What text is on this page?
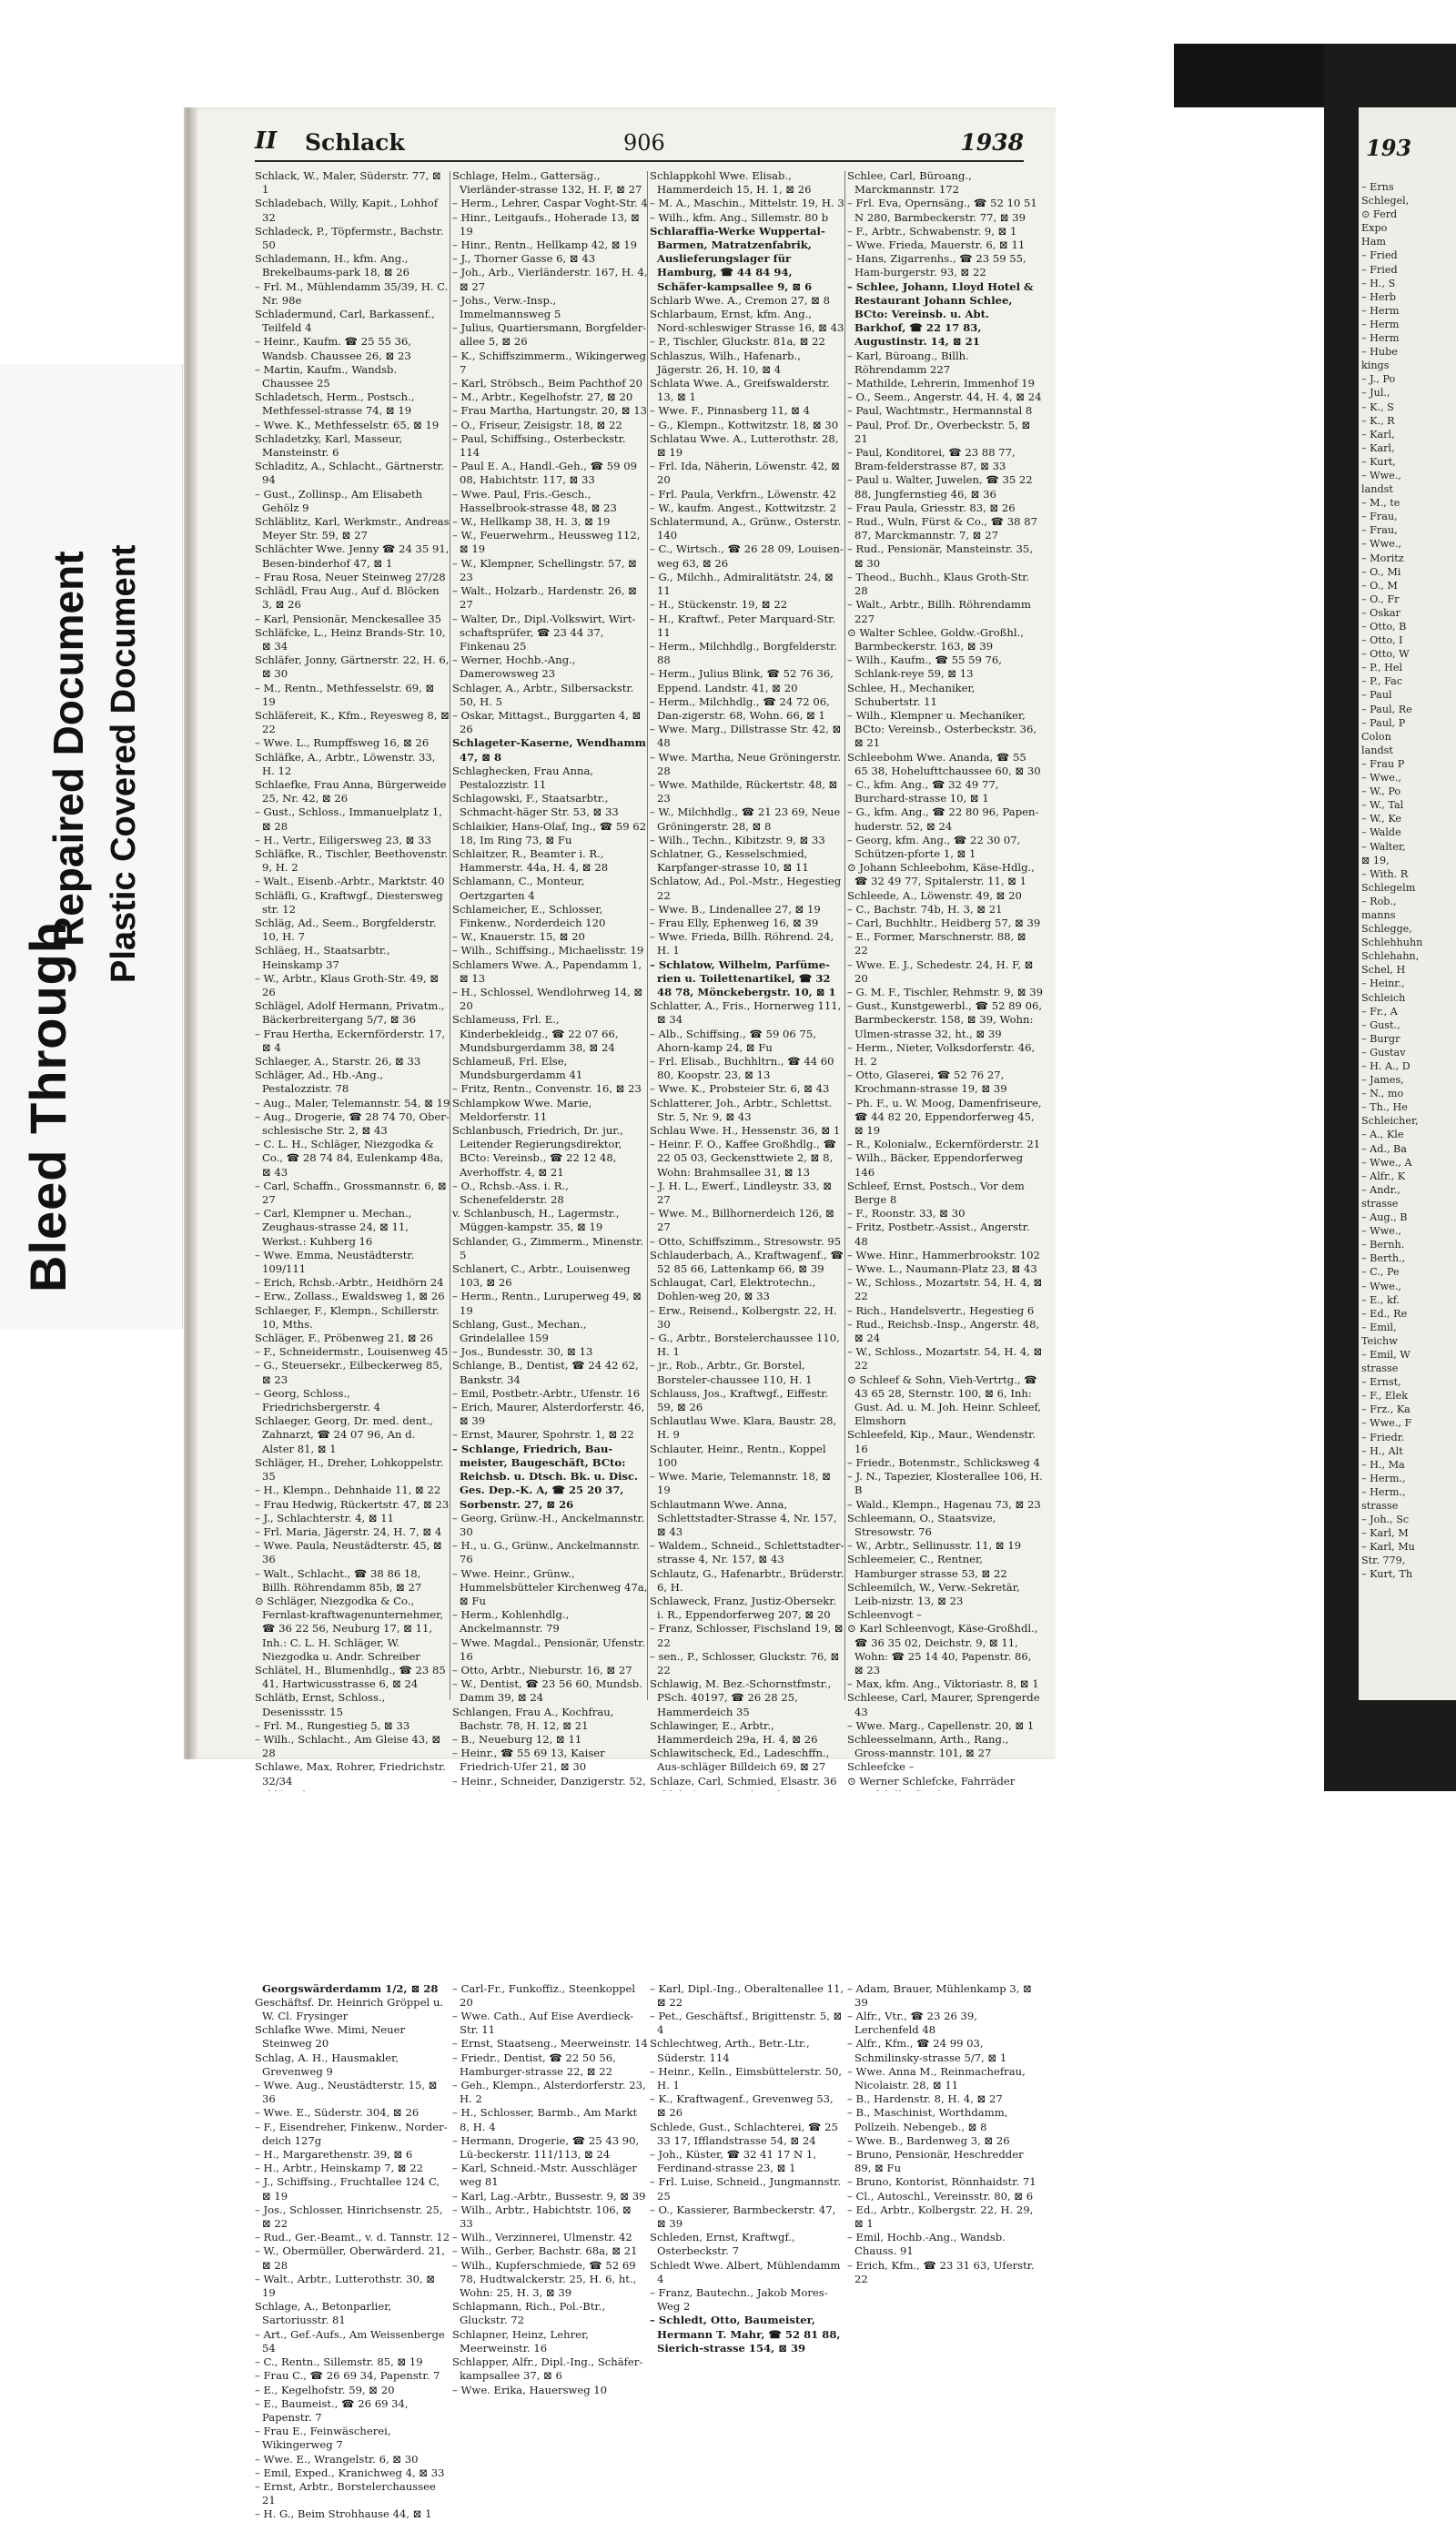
Bleed Through
Repaired Document Plastic Covered Document
II Schlack	906	1938

Schlack, W., Maler, Süderstr. 77, ⊠ 1

Schladebach, Willy, Kapit., Lohhof 32

Schladeck, P., Töpfermstr., Bachstr. 50

Schlademann, H., kfm. Ang., Brekelbaums-park 18, ⊠ 26

– Frl. M., Mühlendamm 35/39, H. C. Nr. 98e

Schladermund, Carl, Barkassenf., Teilfeld 4

– Heinr., Kaufm. ☎ 25 55 36, Wandsb. Chaussee 26, ⊠ 23

– Martin, Kaufm., Wandsb. Chaussee 25

Schladetsch, Herm., Postsch., Methfessel-strasse 74, ⊠ 19

– Wwe. K., Methfesselstr. 65, ⊠ 19

Schladetzky, Karl, Masseur, Mansteinstr. 6

Schladitz, A., Schlacht., Gärtnerstr. 94

– Gust., Zollinsp., Am Elisabeth Gehölz 9

Schläblitz, Karl, Werkmstr., Andreas Meyer Str. 59, ⊠ 27

Schlächter Wwe. Jenny ☎ 24 35 91, Besen-binderhof 47, ⊠ 1

– Frau Rosa, Neuer Steinweg 27/28

Schlädl, Frau Aug., Auf d. Blöcken 3, ⊠ 26

– Karl, Pensionär, Menckesallee 35

Schläfcke, L., Heinz Brands-Str. 10, ⊠ 34

Schläfer, Jonny, Gärtnerstr. 22, H. 6, ⊠ 30

– M., Rentn., Methfesselstr. 69, ⊠ 19

Schläfereit, K., Kfm., Reyesweg 8, ⊠ 22

– Wwe. L., Rumpffsweg 16, ⊠ 26

Schläfke, A., Arbtr., Löwenstr. 33, H. 12

Schlaefke, Frau Anna, Bürgerweide 25, Nr. 42, ⊠ 26

– Gust., Schloss., Immanuelplatz 1, ⊠ 28

– H., Vertr., Eiligersweg 23, ⊠ 33

Schläfke, R., Tischler, Beethovenstr. 9, H. 2

– Walt., Eisenb.-Arbtr., Marktstr. 40

Schläfli, G., Kraftwgf., Diestersweg str. 12

Schläg, Ad., Seem., Borgfelderstr. 10, H. 7

Schläeg, H., Staatsarbtr., Heinskamp 37

– W., Arbtr., Klaus Groth-Str. 49, ⊠ 26

Schlägel, Adolf Hermann, Privatm., Bäckerbreitergang 5/7, ⊠ 36

– Frau Hertha, Eckernförderstr. 17, ⊠ 4

Schlaeger, A., Starstr. 26, ⊠ 33

Schläger, Ad., Hb.-Ang., Pestalozzistr. 78

– Aug., Maler, Telemannstr. 54, ⊠ 19

– Aug., Drogerie, ☎ 28 74 70, Ober-schlesische Str. 2, ⊠ 43

– C. L. H., Schläger, Niezgodka & Co., ☎ 28 74 84, Eulenkamp 48a, ⊠ 43

– Carl, Schaffn., Grossmannstr. 6, ⊠ 27

– Carl, Klempner u. Mechan., Zeughaus-strasse 24, ⊠ 11, Werkst.: Kuhberg 16

– Wwe. Emma, Neustädterstr. 109/111

– Erich, Rchsb.-Arbtr., Heidhörn 24

– Erw., Zollass., Ewaldsweg 1, ⊠ 26

Schlaeger, F., Klempn., Schillerstr. 10, Mths.

Schläger, F., Pröbenweg 21, ⊠ 26

– F., Schneidermstr., Louisenweg 45

– G., Steuersekr., Eilbeckerweg 85, ⊠ 23

– Georg, Schloss., Friedrichsbergerstr. 4

Schlaeger, Georg, Dr. med. dent., Zahnarzt, ☎ 24 07 96, An d. Alster 81, ⊠ 1

Schläger, H., Dreher, Lohkoppelstr. 35

– H., Klempn., Dehnhaide 11, ⊠ 22

– Frau Hedwig, Rückertstr. 47, ⊠ 23

– J., Schlachterstr. 4, ⊠ 11

– Frl. Maria, Jägerstr. 24, H. 7, ⊠ 4

– Wwe. Paula, Neustädterstr. 45, ⊠ 36

– Walt., Schlacht., ☎ 38 86 18, Billh. Röhrendamm 85b, ⊠ 27

⊙ Schläger, Niezgodka & Co., Fernlast-kraftwagenunternehmer, ☎ 36 22 56, Neuburg 17, ⊠ 11, Inh.: C. L. H. Schläger, W. Niezgodka u. Andr. Schreiber

Schlätel, H., Blumenhdlg., ☎ 23 85 41, Hartwicusstrasse 6, ⊠ 24

Schlätb, Ernst, Schloss., Desenissstr. 15

– Frl. M., Rungestieg 5, ⊠ 33

– Wilh., Schlacht., Am Gleise 43, ⊠ 28

Schlawe, Max, Rohrer, Friedrichstr. 32/34

Georgswärderdamm 1/2, ⊠ 28

Geschäftsf. Dr. Heinrich Gröppel u. W. Cl. Frysinger

Schlafke Wwe. Mimi, Neuer Steinweg 20

Schlag, A. H., Hausmakler, Grevenweg 9

– Wwe. Aug., Neustädterstr. 15, ⊠ 36

– Wwe. E., Süderstr. 304, ⊠ 26

– F., Eisendreher, Finkenw., Norder-deich 127g

– H., Margarethenstr. 39, ⊠ 6

– H., Arbtr., Heinskamp 7, ⊠ 22

– J., Schiffsing., Fruchtallee 124 C, ⊠ 19

– Jos., Schlosser, Hinrichsenstr. 25, ⊠ 22

– Rud., Ger.-Beamt., v. d. Tannstr. 12

– W., Obermüller, Oberwärderd. 21, ⊠ 28

– Walt., Arbtr., Lutterothstr. 30, ⊠ 19

Schlage, A., Betonparlier, Sartoriusstr. 81

– Art., Gef.-Aufs., Am Weissenberge 54

– C., Rentn., Sillemstr. 85, ⊠ 19

– Frau C., ☎ 26 69 34, Papenstr. 7

– E., Kegelhofstr. 59, ⊠ 20

– E., Baumeist., ☎ 26 69 34, Papenstr. 7

– Frau E., Feinwäscherei, Wikingerweg 7

– Wwe. E., Wrangelstr. 6, ⊠ 30

– Emil, Exped., Kranichweg 4, ⊠ 33

– Ernst, Arbtr., Borstelerchaussee 21

– H. G., Beim Strohhause 44, ⊠ 1

Schlage, Helm., Gattersäg., Vierländer-strasse 132, H. F, ⊠ 27

– Herm., Lehrer, Caspar Voght-Str. 4

– Hinr., Leitgaufs., Hoherade 13, ⊠ 19

– Hinr., Rentn., Hellkamp 42, ⊠ 19

– J., Thorner Gasse 6, ⊠ 43

– Joh., Arb., Vierländerstr. 167, H. 4, ⊠ 27

– Johs., Verw.-Insp., Immelmannsweg 5

– Julius, Quartiersmann, Borgfelder-allee 5, ⊠ 26

– K., Schiffszimmerm., Wikingerweg 7

– Karl, Ströbsch., Beim Pachthof 20

– M., Arbtr., Kegelhofstr. 27, ⊠ 20

– Frau Martha, Hartungstr. 20, ⊠ 13

– O., Friseur, Zeisigstr. 18, ⊠ 22

– Paul, Schiffsing., Osterbeckstr. 114

– Paul E. A., Handl.-Geh., ☎ 59 09 08, Habichtstr. 117, ⊠ 33

– Wwe. Paul, Fris.-Gesch., Hasselbrook-strasse 48, ⊠ 23

– W., Hellkamp 38, H. 3, ⊠ 19

– W., Feuerwehrm., Heussweg 112, ⊠ 19

– W., Klempner, Schellingstr. 57, ⊠ 23

– Walt., Holzarb., Hardenstr. 26, ⊠ 27

– Walter, Dr., Dipl.-Volkswirt, Wirt-schaftsprüfer, ☎ 23 44 37, Finkenau 25

– Werner, Hochb.-Ang., Damerowsweg 23

Schlager, A., Arbtr., Silbersackstr. 50, H. 5

– Oskar, Mittagst., Burggarten 4, ⊠ 26

Schlageter-Kaserne, Wendhamm 47, ⊠ 8

Schlaghecken, Frau Anna, Pestalozzistr. 11

Schlagowski, F., Staatsarbtr., Schmacht-häger Str. 53, ⊠ 33

Schlaikier, Hans-Olaf, Ing., ☎ 59 62 18, Im Ring 73, ⊠ Fu

Schlaitzer, R., Beamter i. R., Hammerstr. 44a, H. 4, ⊠ 28

Schlamann, C., Monteur, Oertzgarten 4

Schlameicher, E., Schlosser, Finkenw., Norderdeich 120

– W., Knauerstr. 15, ⊠ 20

– Wilh., Schiffsing., Michaelisstr. 19

Schlamers Wwe. A., Papendamm 1, ⊠ 13

– H., Schlossel, Wendlohrweg 14, ⊠ 20

Schlameuss, Frl. E., Kinderbekleidg., ☎ 22 07 66, Mundsburgerdamm 38, ⊠ 24

Schlameuß, Frl. Else, Mundsburgerdamm 41

– Fritz, Rentn., Convenstr. 16, ⊠ 23

Schlampkow Wwe. Marie, Meldorferstr. 11

Schlanbusch, Friedrich, Dr. jur., Leitender Regierungsdirektor, BCto: Vereinsb., ☎ 22 12 48, Averhoffstr. 4, ⊠ 21

– O., Rchsb.-Ass. i. R., Schenefelderstr. 28

v. Schlanbusch, H., Lagermstr., Müggen-kampstr. 35, ⊠ 19

Schlander, G., Zimmerm., Minenstr. 5

Schlanert, C., Arbtr., Louisenweg 103, ⊠ 26

– Herm., Rentn., Luruperweg 49, ⊠ 19

Schlang, Gust., Mechan., Grindelallee 159

– Jos., Bundesstr. 30, ⊠ 13

Schlange, B., Dentist, ☎ 24 42 62, Bankstr. 34

– Emil, Postbetr.-Arbtr., Ufenstr. 16

– Erich, Maurer, Alsterdorferstr. 46, ⊠ 39

– Ernst, Maurer, Spohrstr. 1, ⊠ 22

– Schlange, Friedrich, Bau-meister, Baugeschäft, BCto: Reichsb. u. Dtsch. Bk. u. Disc. Ges. Dep.-K. A, ☎ 25 20 37, Sorbenstr. 27, ⊠ 26

– Georg, Grünw.-H., Anckelmannstr. 30

– H., u. G., Grünw., Anckelmannstr. 76

– Wwe. Heinr., Grünw., Hummelsbütteler Kirchenweg 47a, ⊠ Fu

– Herm., Kohlenhdlg., Anckelmannstr. 79

– Wwe. Magdal., Pensionär, Ufenstr. 16

– Otto, Arbtr., Nieburstr. 16, ⊠ 27

– W., Dentist, ☎ 23 56 60, Mundsb. Damm 39, ⊠ 24

Schlangen, Frau A., Kochfrau, Bachstr. 78, H. 12, ⊠ 21

– B., Neueburg 12, ⊠ 11

– Heinr., ☎ 55 69 13, Kaiser Friedrich-Ufer 21, ⊠ 30

– Heinr., Schneider, Danzigerstr. 52,

– Carl-Fr., Funkoffiz., Steenkoppel 20

– Wwe. Cath., Auf Eise Averdieck-Str. 11

– Ernst, Staatseng., Meerweinstr. 14

– Friedr., Dentist, ☎ 22 50 56, Hamburger-strasse 22, ⊠ 22

– Geh., Klempn., Alsterdorferstr. 23, H. 2

– H., Schlosser, Barmb., Am Markt 8, H. 4

– Hermann, Drogerie, ☎ 25 43 90, Lü-beckerstr. 111/113, ⊠ 24

– Karl, Schneid.-Mstr. Ausschläger weg 81

– Karl, Lag.-Arbtr., Bussestr. 9, ⊠ 39

– Wilh., Arbtr., Habichtstr. 106, ⊠ 33

– Wilh., Verzinnerei, Ulmenstr. 42

– Wilh., Gerber, Bachstr. 68a, ⊠ 21

– Wilh., Kupferschmiede, ☎ 52 69 78, Hudtwalckerstr. 25, H. 6, ht., Wohn: 25, H. 3, ⊠ 39

Schlapmann, Rich., Pol.-Btr., Gluckstr. 72

Schlapner, Heinz, Lehrer, Meerweinstr. 16

Schlapper, Alfr., Dipl.-Ing., Schäfer-kampsallee 37, ⊠ 6

– Wwe. Erika, Hauersweg 10

Schlappkohl Wwe. Elisab., Hammerdeich 15, H. 1, ⊠ 26

– M. A., Maschin., Mittelstr. 19, H. 3

– Wilh., kfm. Ang., Sillemstr. 80 b

Schlaraffia-Werke Wuppertal-Barmen, Matratzenfabrik, Auslieferungslager für Hamburg, ☎ 44 84 94, Schäfer-kampsallee 9, ⊠ 6

Schlarb Wwe. A., Cremon 27, ⊠ 8

Schlarbaum, Ernst, kfm. Ang., Nord-schleswiger Strasse 16, ⊠ 43

– P., Tischler, Gluckstr. 81a, ⊠ 22

Schlaszus, Wilh., Hafenarb., Jägerstr. 26, H. 10, ⊠ 4

Schlata Wwe. A., Greifswalderstr. 13, ⊠ 1

– Wwe. F., Pinnasberg 11, ⊠ 4

– G., Klempn., Kottwitzstr. 18, ⊠ 30

Schlatau Wwe. A., Lutterothstr. 28, ⊠ 19

– Frl. Ida, Näherin, Löwenstr. 42, ⊠ 20

– Frl. Paula, Verkfrn., Löwenstr. 42

– W., kaufm. Angest., Kottwitzstr. 2

Schlatermund, A., Grünw., Osterstr. 140

– C., Wirtsch., ☎ 26 28 09, Louisen-weg 63, ⊠ 26

– G., Milchh., Admiralitätstr. 24, ⊠ 11

– H., Stückenstr. 19, ⊠ 22

– H., Kraftwf., Peter Marquard-Str. 11

– Herm., Milchhdlg., Borgfelderstr. 88

– Herm., Julius Blink, ☎ 52 76 36, Eppend. Landstr. 41, ⊠ 20

– Herm., Milchhdlg., ☎ 24 72 06, Dan-zigerstr. 68, Wohn. 66, ⊠ 1

– Wwe. Marg., Dillstrasse Str. 42, ⊠ 48

– Wwe. Martha, Neue Gröningerstr. 28

– Wwe. Mathilde, Rückertstr. 48, ⊠ 23

– W., Milchhdlg., ☎ 21 23 69, Neue Gröningerstr. 28, ⊠ 8

– Wilh., Techn., Kibitzstr. 9, ⊠ 33

Schlatner, G., Kesselschmied, Karpfanger-strasse 10, ⊠ 11

Schlatow, Ad., Pol.-Mstr., Hegestieg 22

– Wwe. B., Lindenallee 27, ⊠ 19

– Frau Elly, Ephenweg 16, ⊠ 39

– Wwe. Frieda, Billh. Röhrend. 24, H. 1

– Schlatow, Wilhelm, Parfüme-rien u. Toilettenartikel, ☎ 32 48 78, Mönckebergstr. 10, ⊠ 1

Schlatter, A., Fris., Hornerweg 111, ⊠ 34

– Alb., Schiffsing., ☎ 59 06 75, Ahorn-kamp 24, ⊠ Fu

– Frl. Elisab., Buchhltrn., ☎ 44 60 80, Koopstr. 23, ⊠ 13

– Wwe. K., Probsteier Str. 6, ⊠ 43

Schlatterer, Joh., Arbtr., Schlettst. Str. 5, Nr. 9, ⊠ 43

Schlau Wwe. H., Hessenstr. 36, ⊠ 1

– Heinr. F. O., Kaffee Großhdlg., ☎ 22 05 03, Geckensttwiete 2, ⊠ 8, Wohn: Brahmsallee 31, ⊠ 13

– J. H. L., Ewerf., Lindleystr. 33, ⊠ 27

– Wwe. M., Billhornerdeich 126, ⊠ 27

– Otto, Schiffszimm., Stresowstr. 95

Schlauderbach, A., Kraftwagenf., ☎ 52 85 66, Lattenkamp 66, ⊠ 39

Schlaugat, Carl, Elektrotechn., Dohlen-weg 20, ⊠ 33

– Erw., Reisend., Kolbergstr. 22, H. 30

– G., Arbtr., Borstelerchaussee 110, H. 1

– jr., Rob., Arbtr., Gr. Borstel, Borsteler-chaussee 110, H. 1

Schlauss, Jos., Kraftwgf., Eiffestr. 59, ⊠ 26

Schlautlau Wwe. Klara, Baustr. 28, H. 9

Schlauter, Heinr., Rentn., Koppel 100

– Wwe. Marie, Telemannstr. 18, ⊠ 19

Schlautmann Wwe. Anna, Schlettstadter-Strasse 4, Nr. 157, ⊠ 43

– Waldem., Schneid., Schlettstadter-strasse 4, Nr. 157, ⊠ 43

Schlautz, G., Hafenarbtr., Brüderstr. 6, H.

Schlaweck, Franz, Justiz-Obersekr. i. R., Eppendorferweg 207, ⊠ 20

– Franz, Schlosser, Fischsland 19, ⊠ 22

– sen., P., Schlosser, Gluckstr. 76, ⊠ 22

Schlawig, M. Bez.-Schornstfmstr., PSch. 40197, ☎ 26 28 25, Hammerdeich 35

Schlawinger, E., Arbtr., Hammerdeich 29a, H. 4, ⊠ 26

Schlawitscheck, Ed., Ladeschffn., Aus-schläger Billdeich 69, ⊠ 27

Schlaze, Carl, Schmied, Elsastr. 36

– Karl, Dipl.-Ing., Oberaltenallee 11, ⊠ 22

– Pet., Geschäftsf., Brigittenstr. 5, ⊠ 4

Schlechtweg, Arth., Betr.-Ltr., Süderstr. 114

– Heinr., Kelln., Eimsbüttelerstr. 50, H. 1

– K., Kraftwagenf., Grevenweg 53, ⊠ 26

Schlede, Gust., Schlachterei, ☎ 25 33 17, Ifflandstrasse 54, ⊠ 24

– Joh., Küster, ☎ 32 41 17 N 1, Ferdinand-strasse 23, ⊠ 1

– Frl. Luise, Schneid., Jungmannstr. 25

– O., Kassierer, Barmbeckerstr. 47, ⊠ 39

Schleden, Ernst, Kraftwgf., Osterbeckstr. 7

Schledt Wwe. Albert, Mühlendamm 4

– Franz, Bautechn., Jakob Mores-Weg 2

– Schledt, Otto, Baumeister, Hermann T. Mahr, ☎ 52 81 88, Sierich-strasse 154, ⊠ 39

Schlee, Carl, Büroang., Marckmannstr. 172

– Frl. Eva, Opernsäng., ☎ 52 10 51 N 280, Barmbeckerstr. 77, ⊠ 39

– F., Arbtr., Schwabenstr. 9, ⊠ 1

– Wwe. Frieda, Mauerstr. 6, ⊠ 11

– Hans, Zigarrenhs., ☎ 23 59 55, Ham-burgerstr. 93, ⊠ 22

– Schlee, Johann, Lloyd Hotel & Restaurant Johann Schlee, BCto: Vereinsb. u. Abt. Barkhof, ☎ 22 17 83, Augustinstr. 14, ⊠ 21

– Karl, Büroang., Billh. Röhrendamm 227

– Mathilde, Lehrerin, Immenhof 19

– O., Seem., Angerstr. 44, H. 4, ⊠ 24

– Paul, Wachtmstr., Hermannstal 8

– Paul, Prof. Dr., Overbeckstr. 5, ⊠ 21

– Paul, Konditorei, ☎ 23 88 77, Bram-felderstrasse 87, ⊠ 33

– Paul u. Walter, Juwelen, ☎ 35 22 88, Jungfernstieg 46, ⊠ 36

– Frau Paula, Griesstr. 83, ⊠ 26

– Rud., Wuln, Fürst & Co., ☎ 38 87 87, Marckmannstr. 7, ⊠ 27

– Rud., Pensionär, Mansteinstr. 35, ⊠ 30

– Theod., Buchh., Klaus Groth-Str. 28

– Walt., Arbtr., Billh. Röhrendamm 227

⊙ Walter Schlee, Goldw.-Großhl., Barmbeckerstr. 163, ⊠ 39

– Wilh., Kaufm., ☎ 55 59 76, Schlank-reye 59, ⊠ 13

Schlee, H., Mechaniker, Schubertstr. 11

– Wilh., Klempner u. Mechaniker, BCto: Vereinsb., Osterbeckstr. 36, ⊠ 21

Schleebohm Wwe. Ananda, ☎ 55 65 38, Hohelufttchaussee 60, ⊠ 30

– C., kfm. Ang., ☎ 32 49 77, Burchard-strasse 10, ⊠ 1

– G., kfm. Ang., ☎ 22 80 96, Papen-huderstr. 52, ⊠ 24

– Georg, kfm. Ang., ☎ 22 30 07, Schützen-pforte 1, ⊠ 1

⊙ Johann Schleebohm, Käse-Hdlg., ☎ 32 49 77, Spitalerstr. 11, ⊠ 1

Schleede, A., Löwenstr. 49, ⊠ 20

– C., Bachstr. 74b, H. 3, ⊠ 21

– Carl, Buchhltr., Heidberg 57, ⊠ 39

– E., Former, Marschnerstr. 88, ⊠ 22

– Wwe. E. J., Schedestr. 24, H. F, ⊠ 20

– G. M. F., Tischler, Rehmstr. 9, ⊠ 39

– Gust., Kunstgewerbl., ☎ 52 89 06, Barmbeckerstr. 158, ⊠ 39, Wohn: Ulmen-strasse 32, ht., ⊠ 39

– Herm., Nieter, Volksdorferstr. 46, H. 2

– Otto, Glaserei, ☎ 52 76 27, Krochmann-strasse 19, ⊠ 39

– Ph. F., u. W. Moog, Damenfriseure, ☎ 44 82 20, Eppendorferweg 45, ⊠ 19

– R., Kolonialw., Eckernförderstr. 21

– Wilh., Bäcker, Eppendorferweg 146

Schleef, Ernst, Postsch., Vor dem Berge 8

– F., Roonstr. 33, ⊠ 30

– Fritz, Postbetr.-Assist., Angerstr. 48

– Wwe. Hinr., Hammerbrookstr. 102

– Wwe. L., Naumann-Platz 23, ⊠ 43

– W., Schloss., Mozartstr. 54, H. 4, ⊠ 22

– Rich., Handelsvertr., Hegestieg 6

– Rud., Reichsb.-Insp., Angerstr. 48, ⊠ 24

– W., Schloss., Mozartstr. 54, H. 4, ⊠ 22

⊙ Schleef & Sohn, Vieh-Vertrtg., ☎ 43 65 28, Sternstr. 100, ⊠ 6, Inh: Gust. Ad. u. M. Joh. Heinr. Schleef, Elmshorn

Schleefeld, Kip., Maur., Wendenstr. 16

– Friedr., Botenmstr., Schlicksweg 4

– J. N., Tapezier, Klosterallee 106, H. B

– Wald., Klempn., Hagenau 73, ⊠ 23

Schleemann, O., Staatsvize, Stresowstr. 76

– W., Arbtr., Sellinusstr. 11, ⊠ 19

Schleemeier, C., Rentner, Hamburger strasse 53, ⊠ 22

Schleemilch, W., Verw.-Sekretär, Leib-nizstr. 13, ⊠ 23

Schleenvogt –

⊙ Karl Schleenvogt, Käse-Großhdl., ☎ 36 35 02, Deichstr. 9, ⊠ 11, Wohn: ☎ 25 14 40, Papenstr. 86, ⊠ 23

– Max, kfm. Ang., Viktoriastr. 8, ⊠ 1

Schleese, Carl, Maurer, Sprengerde 43

– Wwe. Marg., Capellenstr. 20, ⊠ 1

Schleesselmann, Arth., Rang., Gross-mannstr. 101, ⊠ 27

Schleefcke –

⊙ Werner Schlefcke, Fahrräder

– Adam, Brauer, Mühlenkamp 3, ⊠ 39

– Alfr., Vtr., ☎ 23 26 39, Lerchenfeld 48

– Alfr., Kfm., ☎ 24 99 03, Schmilinsky-strasse 5/7, ⊠ 1

– Wwe. Anna M., Reinmachefrau, Nicolaistr. 28, ⊠ 11

– B., Hardenstr. 8, H. 4, ⊠ 27

– B., Maschinist, Worthdamm, Pollzeih. Nebengeb., ⊠ 8

– Wwe. B., Bardenweg 3, ⊠ 26

– Bruno, Pensionär, Heschredder 89, ⊠ Fu

– Bruno, Kontorist, Rönnhaidstr. 71

– Cl., Autoschl., Vereinsstr. 80, ⊠ 6

– Ed., Arbtr., Kolbergstr. 22, H. 29, ⊠ 1

– Emil, Hochb.-Ang., Wandsb. Chauss. 91

– Erich, Kfm., ☎ 23 31 63, Uferstr. 22

193
– Erns
Schlegel,
⊙ Ferd
Expo
Ham
– Fried
– Fried
– H., S
– Herb
– Herm
– Herm
– Herm
– Hube
kings
– J., Po
– Jul.,
– K., S
– K., R
– Karl,
– Karl,
– Kurt,
– Wwe.,
landst
– M., te
– Frau,
– Frau,
– Wwe.,
– Moritz
– O., Mi
– O., M
– O., Fr
– Oskar
– Otto, B
– Otto, I
– Otto, W
– P., Hel
– P., Fac
– Paul
– Paul, Re
– Paul, P
Colon
landst
– Frau P
– Wwe.,
– W., Po
– W., Tal
– W., Ke
– Walde
– Walter,
⊠ 19,
– With. R
Schlegelm
– Rob.,
manns
Schlegge,
Schlehhuhn
Schlehahn,
Schel, H
– Heinr.,
Schleich
– Fr., A
– Gust.,
– Burgr
– Gustav
– H. A., D
– James,
– N., mo
– Th., He
Schleicher,
– A., Kle
– Ad., Ba
– Wwe., A
– Alfr., K
– Andr.,
strasse
– Aug., B
– Wwe.,
– Bernh.
– Berth.,
– C., Pe
– Wwe.,
– E., kf.
– Ed., Re
– Emil,
Teichw
– Emil, W
strasse
– Ernst,
– F., Elek
– Frz., Ka
– Wwe., F
– Friedr.
– H., Alt
– H., Ma
– Herm.,
– Herm.,
strasse
– Joh., Sc
– Karl, M
– Karl, Mu
Str. 779,
– Kurt, Th
